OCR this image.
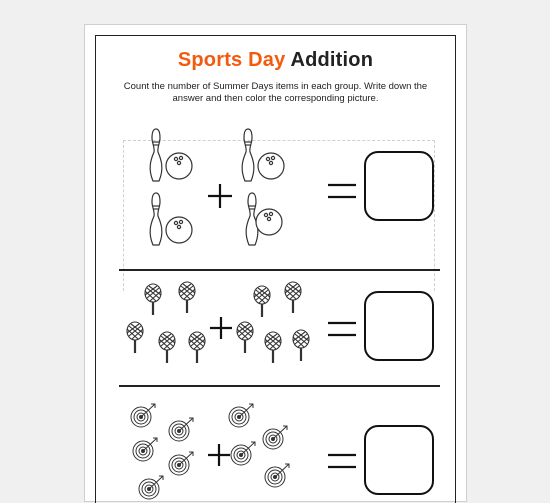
Sports Day Addition
Count the number of Summer Days items in each group. Write down the
answer and then color the corresponding picture.
